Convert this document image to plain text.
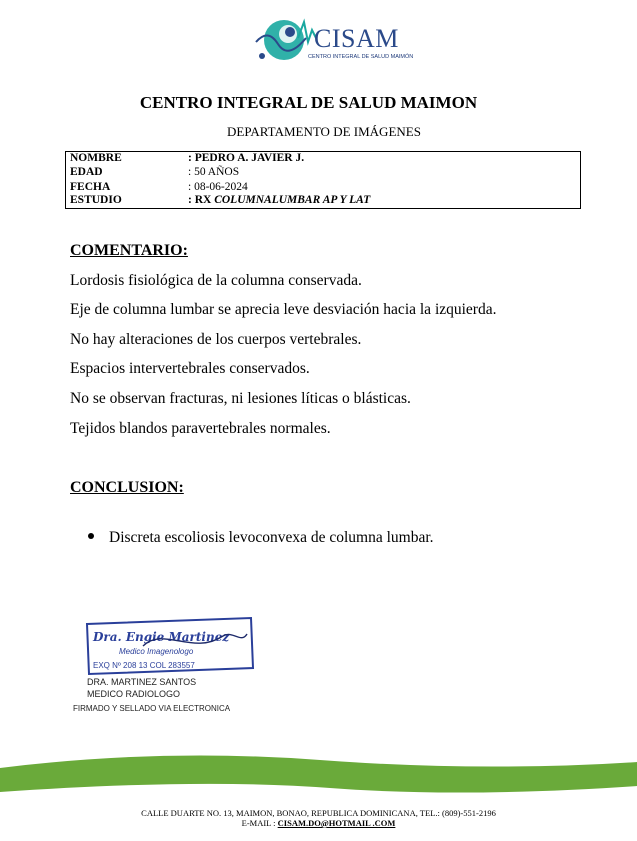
CISAM
CENTRO INTEGRAL DE SALUD MAIMÓN
CENTRO INTEGRAL DE SALUD MAIMON
DEPARTAMENTO DE IMÁGENES
NOMBRE	: PEDRO A. JAVIER J.
EDAD	: 50 AÑOS
FECHA	: 08-06-2024
ESTUDIO	: RX COLUMNALUMBAR AP Y LAT
COMENTARIO:
Lordosis fisiológica de la columna conservada.
Eje de columna lumbar se aprecia leve desviación hacia la izquierda.
No hay alteraciones de los cuerpos vertebrales.
Espacios intervertebrales conservados.
No se observan fracturas, ni lesiones líticas o blásticas.
Tejidos blandos paravertebrales normales.
CONCLUSION:
Discreta escoliosis levoconvexa de columna lumbar.
Dra. Engie Martinez
Medico Imagenologo
EXQ Nº 208 13 COL 283557
DRA. MARTINEZ SANTOS
MEDICO RADIOLOGO
FIRMADO Y SELLADO VIA ELECTRONICA
CALLE DUARTE NO. 13, MAIMON, BONAO, REPUBLICA DOMINICANA, TEL.: (809)-551-2196
E-MAIL : CISAM.DO@HOTMAIL .COM
